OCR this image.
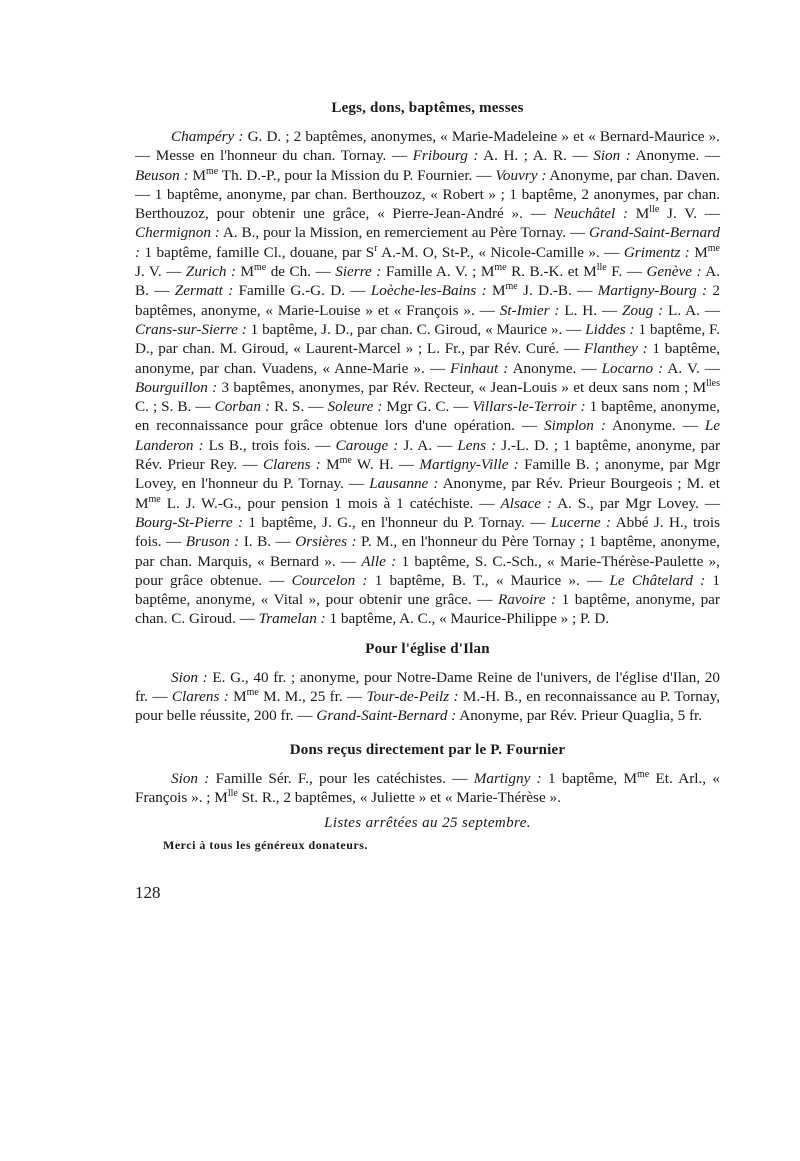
Legs, dons, baptêmes, messes

Champéry : G. D. ; 2 baptêmes, anonymes, « Marie-Madeleine » et « Bernard-Maurice ». — Messe en l'honneur du chan. Tornay. — Fribourg : A. H. ; A. R. — Sion : Anonyme. — Beuson : $M^{me}$ Th. D.-P., pour la Mission du P. Fournier. — Vouvry : Anonyme, par chan. Daven. — 1 baptême, anonyme, par chan. Berthouzoz, « Robert » ; 1 baptême, 2 anonymes, par chan. Berthouzoz, pour obtenir une grâce, « Pierre-Jean-André ». — Neuchâtel : $M^{lle}$ J. V. — Chermignon : A. B., pour la Mission, en remerciement au Père Tornay. — Grand-Saint-Bernard : 1 baptême, famille Cl., douane, par $S^r$ A.-M. O, St-P., « Nicole-Camille ». — Grimentz : $M^{me}$ J. V. — Zurich : $M^{me}$ de Ch. — Sierre : Famille A. V. ; $M^{me}$ R. B.-K. et $M^{lle}$ F. — Genève : A. B. — Zermatt : Famille G.-G. D. — Loèche-les-Bains : $M^{me}$ J. D.-B. — Martigny-Bourg : 2 baptêmes, anonyme, « Marie-Louise » et « François ». — St-Imier : L. H. — Zoug : L. A. — Crans-sur-Sierre : 1 baptême, J. D., par chan. C. Giroud, « Maurice ». — Liddes : 1 baptême, F. D., par chan. M. Giroud, « Laurent-Marcel » ; L. Fr., par Rév. Curé. — Flanthey : 1 baptême, anonyme, par chan. Vuadens, « Anne-Marie ». — Finhaut : Anonyme. — Locarno : A. V. — Bourguillon : 3 baptêmes, anonymes, par Rév. Recteur, « Jean-Louis » et deux sans nom ; $M^{lles}$ C. ; S. B. — Corban : R. S. — Soleure : Mgr G. C. — Villars-le-Terroir : 1 baptême, anonyme, en reconnaissance pour grâce obtenue lors d'une opération. — Simplon : Anonyme. — Le Landeron : Ls B., trois fois. — Carouge : J. A. — Lens : J.-L. D. ; 1 baptême, anonyme, par Rév. Prieur Rey. — Clarens : $M^{me}$ W. H. — Martigny-Ville : Famille B. ; anonyme, par Mgr Lovey, en l'honneur du P. Tornay. — Lausanne : Anonyme, par Rév. Prieur Bourgeois ; M. et $M^{me}$ L. J. W.-G., pour pension 1 mois à 1 catéchiste. — Alsace : A. S., par Mgr Lovey. — Bourg-St-Pierre : 1 baptême, J. G., en l'honneur du P. Tornay. — Lucerne : Abbé J. H., trois fois. — Bruson : I. B. — Orsières : P. M., en l'honneur du Père Tornay ; 1 baptême, anonyme, par chan. Marquis, « Bernard ». — Alle : 1 baptême, S. C.-Sch., « Marie-Thérèse-Paulette », pour grâce obtenue. — Courcelon : 1 baptême, B. T., « Maurice ». — Le Châtelard : 1 baptême, anonyme, « Vital », pour obtenir une grâce. — Ravoire : 1 baptême, anonyme, par chan. C. Giroud. — Tramelan : 1 baptême, A. C., « Maurice-Philippe » ; P. D.

Pour l'église d'Ilan

Sion : E. G., 40 fr. ; anonyme, pour Notre-Dame Reine de l'univers, de l'église d'Ilan, 20 fr. — Clarens : $M^{me}$ M. M., 25 fr. — Tour-de-Peilz : M.-H. B., en reconnaissance au P. Tornay, pour belle réussite, 200 fr. — Grand-Saint-Bernard : Anonyme, par Rév. Prieur Quaglia, 5 fr.

Dons reçus directement par le P. Fournier

Sion : Famille Sér. F., pour les catéchistes. — Martigny : 1 baptême, $M^{me}$ Et. Arl., « François ». ; $M^{lle}$ St. R., 2 baptêmes, « Juliette » et « Marie-Thérèse ».

Listes arrêtées au 25 septembre.
Merci à tous les généreux donateurs.
128
